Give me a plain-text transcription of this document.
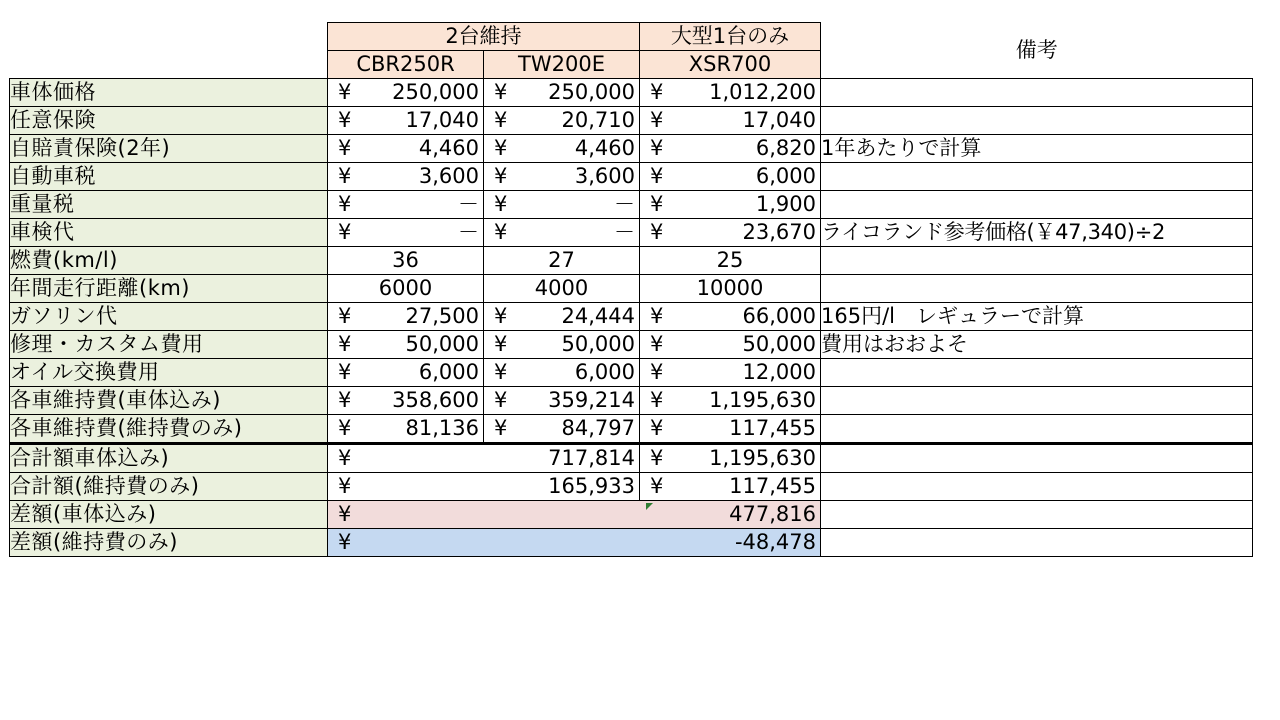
	2台維持		大型1台のみ	備考
	CBR250R	TW200E	XSR700	
車体価格	¥ 250,000	¥ 250,000	¥ 1,012,200	

任意保険	¥ 17,040	¥ 20,710	¥ 17,040	

自賠責保険(2年)	¥ 4,460	¥ 4,460	¥ 6,820	1年あたりで計算
自動車税	¥ 3,600	¥ 3,600	¥ 6,000	

重量税	¥ －	¥ －	¥ 1,900	

車検代	¥ －	¥ －	¥ 23,670	ライコランド参考価格(￥47,340)÷2
燃費(km/l)	36	27	25	
年間走行距離(km)	6000	4000	10000	
ガソリン代	¥ 27,500	¥ 24,444	¥ 66,000	165円/l　レギュラーで計算
修理・カスタム費用	¥ 50,000	¥ 50,000	¥ 50,000	費用はおおよそ
オイル交換費用	¥ 6,000	¥ 6,000	¥ 12,000	

各車維持費(車体込み)	¥ 358,600	¥ 359,214	¥ 1,195,630	

各車維持費(維持費のみ)	¥ 81,136	¥ 84,797	¥ 117,455	

合計額車体込み)	¥ 717,814		¥ 1,195,630	

合計額(維持費のみ)	¥ 165,933		¥ 117,455	

差額(車体込み)	¥ 477,816			

差額(維持費のみ)	¥ -48,478			
